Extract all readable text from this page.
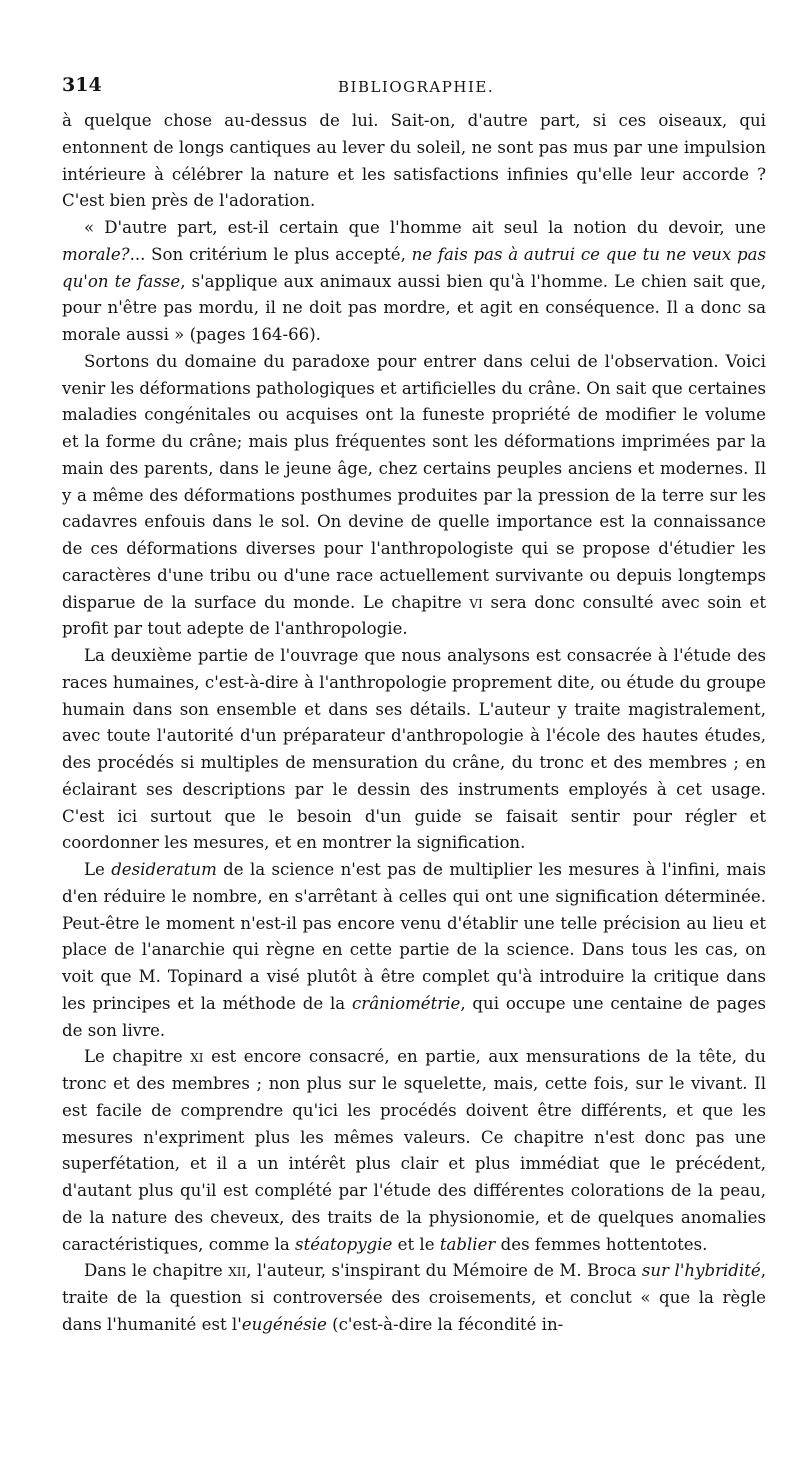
314	BIBLIOGRAPHIE.

à quelque chose au-dessus de lui. Sait-on, d'autre part, si ces oiseaux, qui entonnent de longs cantiques au lever du soleil, ne sont pas mus par une impulsion intérieure à célébrer la nature et les satisfactions infinies qu'elle leur accorde ? C'est bien près de l'adoration.

« D'autre part, est-il certain que l'homme ait seul la notion du devoir, une morale?... Son critérium le plus accepté, ne fais pas à autrui ce que tu ne veux pas qu'on te fasse, s'applique aux animaux aussi bien qu'à l'homme. Le chien sait que, pour n'être pas mordu, il ne doit pas mordre, et agit en conséquence. Il a donc sa morale aussi » (pages 164-66).

Sortons du domaine du paradoxe pour entrer dans celui de l'observation. Voici venir les déformations pathologiques et artificielles du crâne. On sait que certaines maladies congénitales ou acquises ont la funeste propriété de modifier le volume et la forme du crâne; mais plus fréquentes sont les déformations imprimées par la main des parents, dans le jeune âge, chez certains peuples anciens et modernes. Il y a même des déformations posthumes produites par la pression de la terre sur les cadavres enfouis dans le sol. On devine de quelle importance est la connaissance de ces déformations diverses pour l'anthropologiste qui se propose d'étudier les caractères d'une tribu ou d'une race actuellement survivante ou depuis longtemps disparue de la surface du monde. Le chapitre vi sera donc consulté avec soin et profit par tout adepte de l'anthropologie.

La deuxième partie de l'ouvrage que nous analysons est consacrée à l'étude des races humaines, c'est-à-dire à l'anthropologie proprement dite, ou étude du groupe humain dans son ensemble et dans ses détails. L'auteur y traite magistralement, avec toute l'autorité d'un préparateur d'anthropologie à l'école des hautes études, des procédés si multiples de mensuration du crâne, du tronc et des membres ; en éclairant ses descriptions par le dessin des instruments employés à cet usage. C'est ici surtout que le besoin d'un guide se faisait sentir pour régler et coordonner les mesures, et en montrer la signification.

Le desideratum de la science n'est pas de multiplier les mesures à l'infini, mais d'en réduire le nombre, en s'arrêtant à celles qui ont une signification déterminée. Peut-être le moment n'est-il pas encore venu d'établir une telle précision au lieu et place de l'anarchie qui règne en cette partie de la science. Dans tous les cas, on voit que M. Topinard a visé plutôt à être complet qu'à introduire la critique dans les principes et la méthode de la crâniométrie, qui occupe une centaine de pages de son livre.

Le chapitre xi est encore consacré, en partie, aux mensurations de la tête, du tronc et des membres ; non plus sur le squelette, mais, cette fois, sur le vivant. Il est facile de comprendre qu'ici les procédés doivent être différents, et que les mesures n'expriment plus les mêmes valeurs. Ce chapitre n'est donc pas une superfétation, et il a un intérêt plus clair et plus immédiat que le précédent, d'autant plus qu'il est complété par l'étude des différentes colorations de la peau, de la nature des cheveux, des traits de la physionomie, et de quelques anomalies caractéristiques, comme la stéatopygie et le tablier des femmes hottentotes.

Dans le chapitre xii, l'auteur, s'inspirant du Mémoire de M. Broca sur l'hybridité, traite de la question si controversée des croisements, et conclut « que la règle dans l'humanité est l'eugénésie (c'est-à-dire la fécondité in-
